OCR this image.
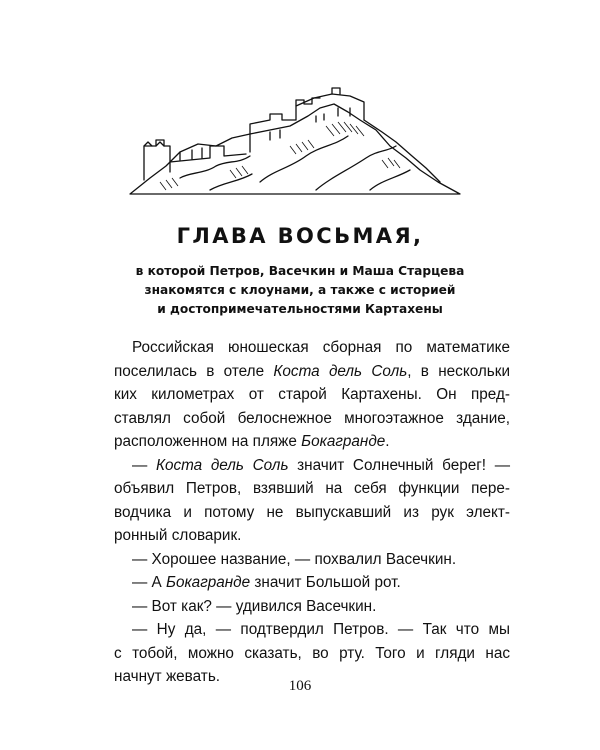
ГЛАВА ВОСЬМАЯ,
в которой Петров, Васечкин и Маша Старцева
знакомятся с клоунами, а также с историей
и достопримечательностями Картахены
Российская юношеская сборная по математике
поселилась в отеле Коста дель Соль, в нескольки
ких километрах от старой Картахены. Он пред-
ставлял собой белоснежное многоэтажное здание,
расположенном на пляже Бокагранде.
— Коста дель Соль значит Солнечный берег! —
объявил Петров, взявший на себя функции пере-
водчика и потому не выпускавший из рук элект-
ронный словарик.
— Хорошее название, — похвалил Васечкин.
— А Бокагранде значит Большой рот.
— Вот как? — удивился Васечкин.
— Ну да, — подтвердил Петров. — Так что мы
с тобой, можно сказать, во рту. Того и гляди нас
начнут жевать.
106
